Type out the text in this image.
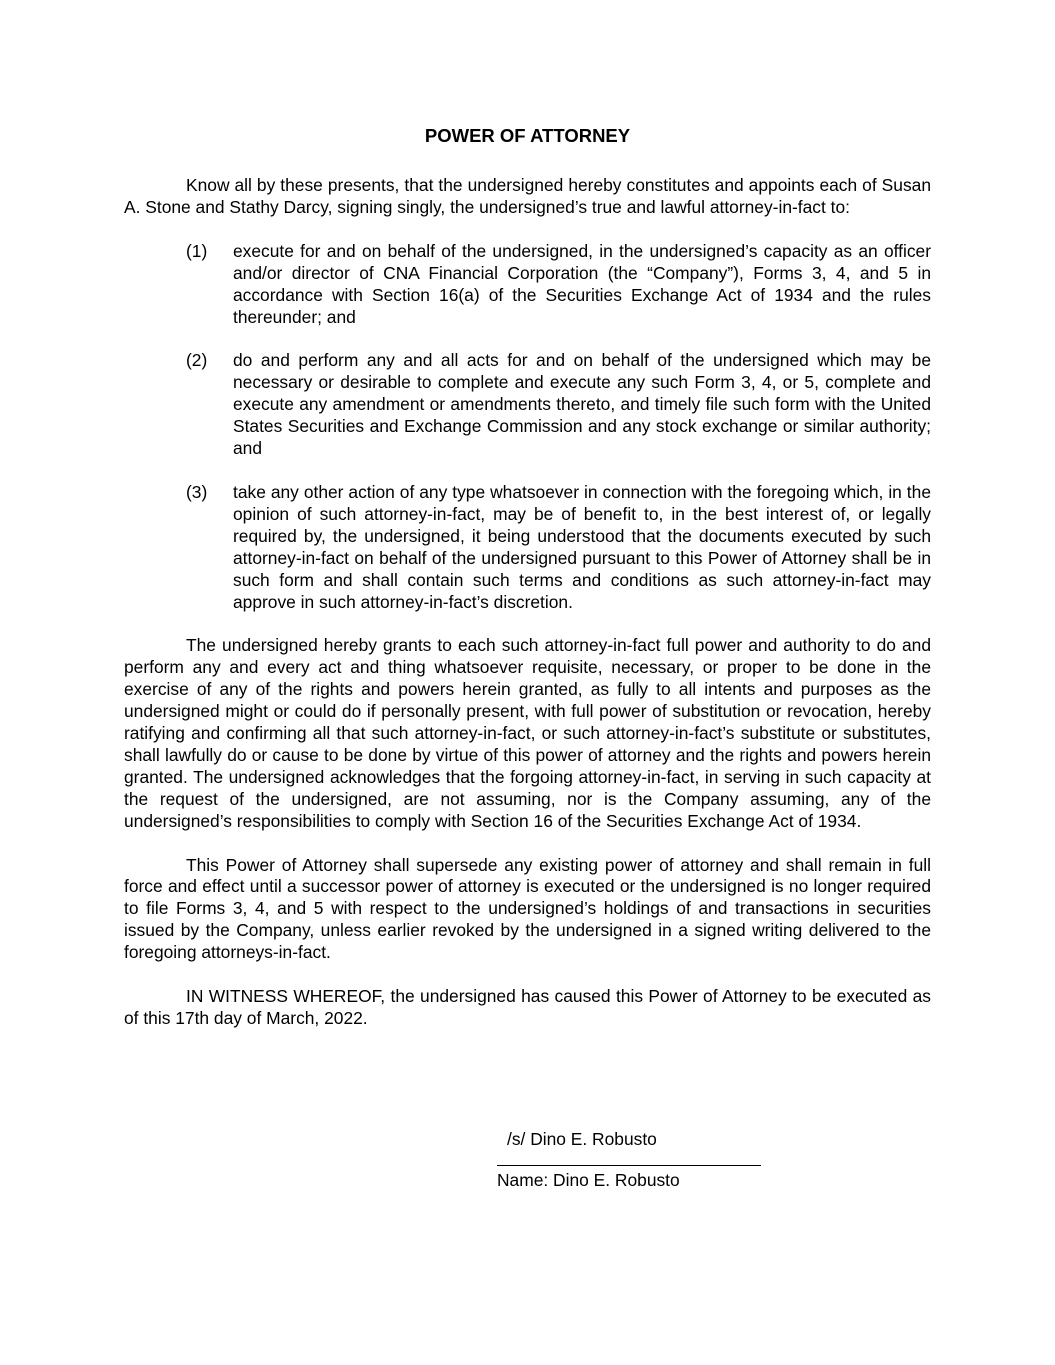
POWER OF ATTORNEY

Know all by these presents, that the undersigned hereby constitutes and appoints each of Susan A. Stone and Stathy Darcy, signing singly, the undersigned’s true and lawful attorney-in-fact to:

(1) execute for and on behalf of the undersigned, in the undersigned’s capacity as an officer and/or director of CNA Financial Corporation (the “Company”), Forms 3, 4, and 5 in accordance with Section 16(a) of the Securities Exchange Act of 1934 and the rules thereunder; and
(2) do and perform any and all acts for and on behalf of the undersigned which may be necessary or desirable to complete and execute any such Form 3, 4, or 5, complete and execute any amendment or amendments thereto, and timely file such form with the United States Securities and Exchange Commission and any stock exchange or similar authority; and
(3) take any other action of any type whatsoever in connection with the foregoing which, in the opinion of such attorney-in-fact, may be of benefit to, in the best interest of, or legally required by, the undersigned, it being understood that the documents executed by such attorney-in-fact on behalf of the undersigned pursuant to this Power of Attorney shall be in such form and shall contain such terms and conditions as such attorney-in-fact may approve in such attorney-in-fact’s discretion.

The undersigned hereby grants to each such attorney-in-fact full power and authority to do and perform any and every act and thing whatsoever requisite, necessary, or proper to be done in the exercise of any of the rights and powers herein granted, as fully to all intents and purposes as the undersigned might or could do if personally present, with full power of substitution or revocation, hereby ratifying and confirming all that such attorney-in-fact, or such attorney-in-fact’s substitute or substitutes, shall lawfully do or cause to be done by virtue of this power of attorney and the rights and powers herein granted. The undersigned acknowledges that the forgoing attorney-in-fact, in serving in such capacity at the request of the undersigned, are not assuming, nor is the Company assuming, any of the undersigned’s responsibilities to comply with Section 16 of the Securities Exchange Act of 1934.

This Power of Attorney shall supersede any existing power of attorney and shall remain in full force and effect until a successor power of attorney is executed or the undersigned is no longer required to file Forms 3, 4, and 5 with respect to the undersigned’s holdings of and transactions in securities issued by the Company, unless earlier revoked by the undersigned in a signed writing delivered to the foregoing attorneys-in-fact.

IN WITNESS WHEREOF, the undersigned has caused this Power of Attorney to be executed as of this 17th day of March, 2022.

/s/ Dino E. Robusto
Name: Dino E. Robusto
